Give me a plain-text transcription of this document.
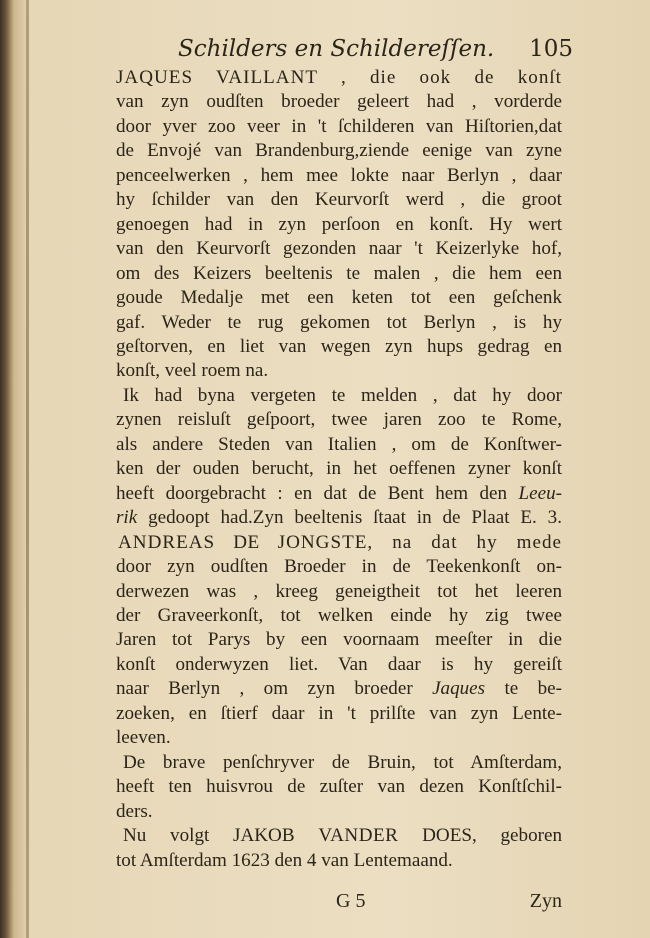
Schilders en Schildereſſen. 105
JAQUES VAILLANT , die ook de konſt
van zyn oudſten broeder geleert had , vorderde
door yver zoo veer in 't ſchilderen van Hiſtorien,dat
de Envojé van Brandenburg,ziende eenige van zyne
penceelwerken , hem mee lokte naar Berlyn , daar
hy ſchilder van den Keurvorſt werd , die groot
genoegen had in zyn perſoon en konſt. Hy wert
van den Keurvorſt gezonden naar 't Keizerlyke hof,
om des Keizers beeltenis te malen , die hem een
goude Medalje met een keten tot een geſchenk
gaf. Weder te rug gekomen tot Berlyn , is hy
geſtorven, en liet van wegen zyn hups gedrag en
konſt, veel roem na.
Ik had byna vergeten te melden , dat hy door
zynen reisluſt geſpoort, twee jaren zoo te Rome,
als andere Steden van Italien , om de Konſtwer-
ken der ouden berucht, in het oeffenen zyner konſt
heeft doorgebracht : en dat de Bent hem den Leeu-
rik gedoopt had.Zyn beeltenis ſtaat in de Plaat E. 3.
ANDREAS DE JONGSTE, na dat hy mede
door zyn oudſten Broeder in de Teekenkonſt on-
derwezen was , kreeg geneigtheit tot het leeren
der Graveerkonſt, tot welken einde hy zig twee
Jaren tot Parys by een voornaam meeſter in die
konſt onderwyzen liet. Van daar is hy gereiſt
naar Berlyn , om zyn broeder Jaques te be-
zoeken, en ſtierf daar in 't prilſte van zyn Lente-
leeven.
De brave penſchryver de Bruin, tot Amſterdam,
heeft ten huisvrou de zuſter van dezen Konſtſchil-
ders.
Nu volgt JAKOB VANDER DOES, geboren
tot Amſterdam 1623 den 4 van Lentemaand.
G 5	Zyn
